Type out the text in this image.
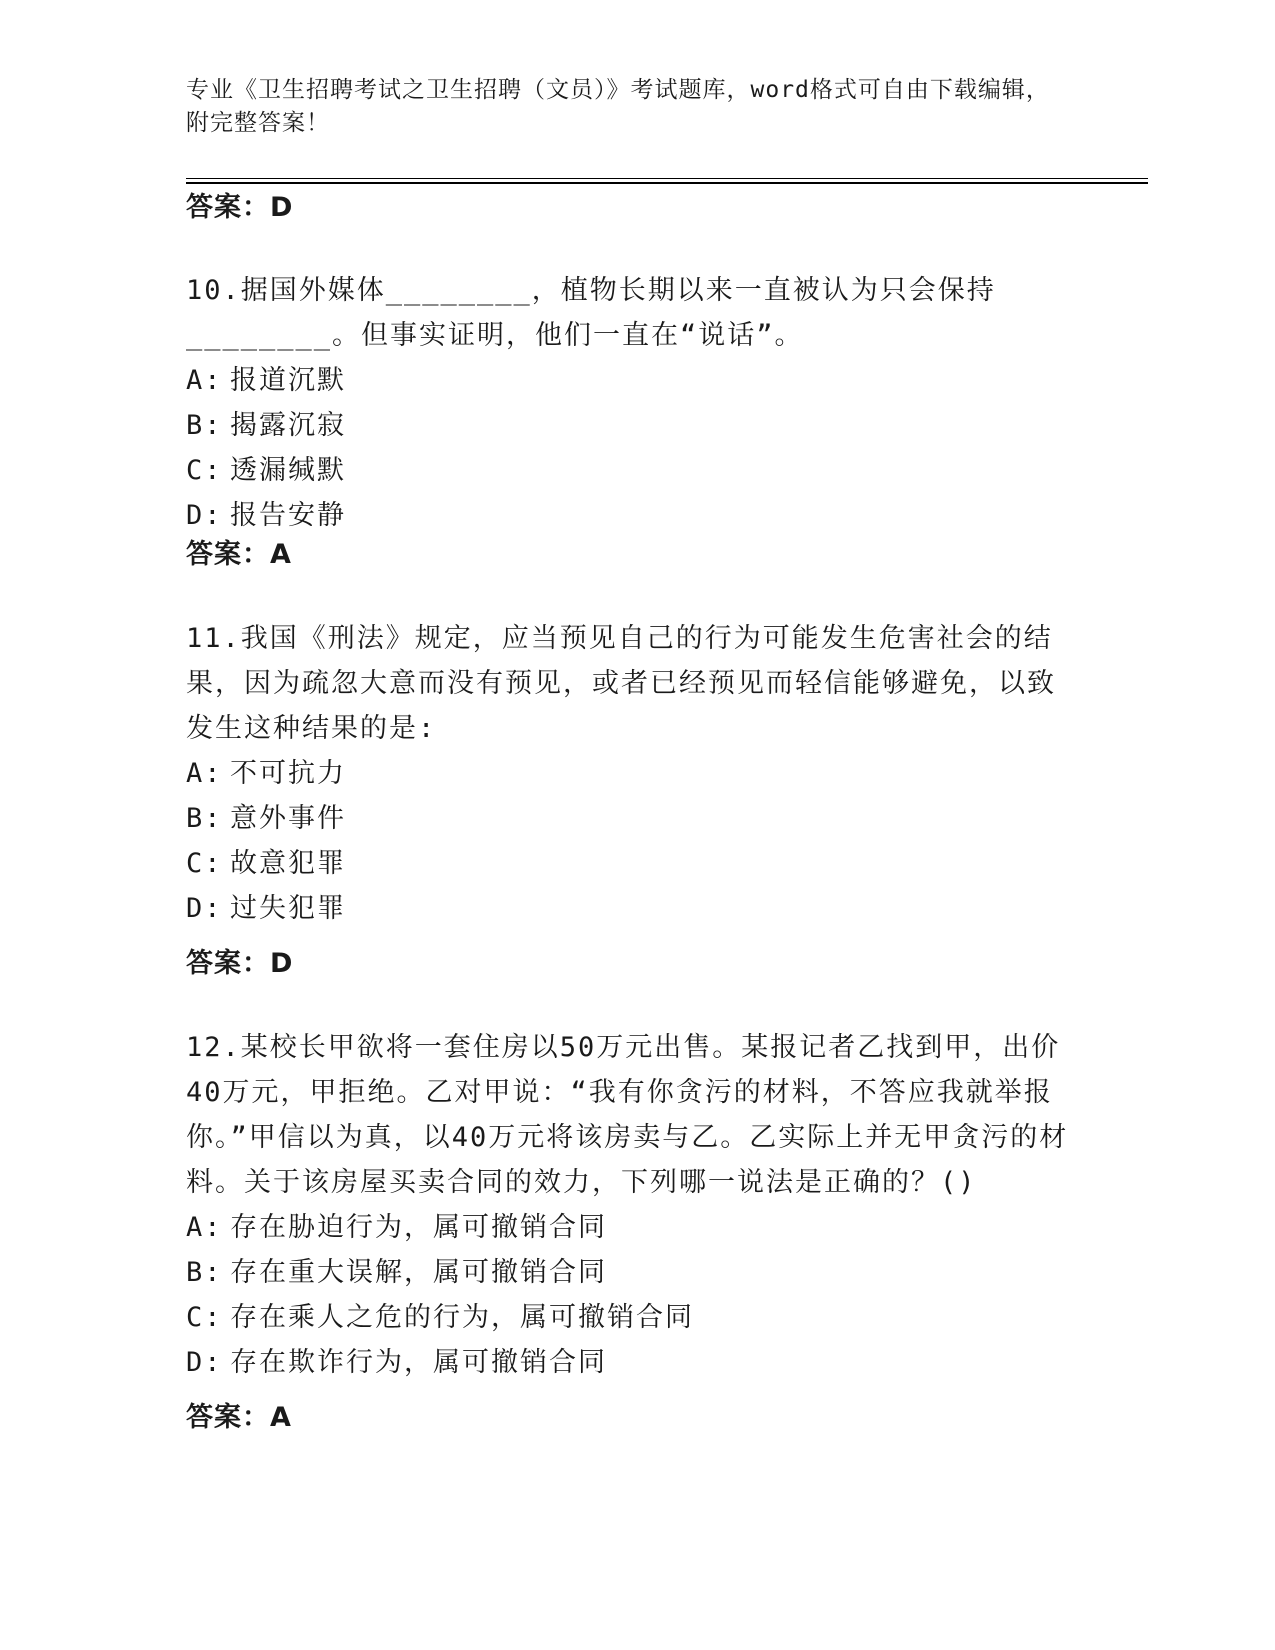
专业《卫生招聘考试之卫生招聘（文员）》考试题库，word格式可自由下载编辑，附完整答案！
答案：D

10.据国外媒体________，植物长期以来一直被认为只会保持________。但事实证明，他们一直在“说话”。

A: 报道沉默
B: 揭露沉寂
C: 透漏缄默
D: 报告安静
答案：A

11.我国《刑法》规定，应当预见自己的行为可能发生危害社会的结果，因为疏忽大意而没有预见，或者已经预见而轻信能够避免，以致发生这种结果的是:

A: 不可抗力
B: 意外事件
C: 故意犯罪
D: 过失犯罪
答案：D

12.某校长甲欲将一套住房以50万元出售。某报记者乙找到甲，出价40万元，甲拒绝。乙对甲说：“我有你贪污的材料，不答应我就举报你。”甲信以为真，以40万元将该房卖与乙。乙实际上并无甲贪污的材料。关于该房屋买卖合同的效力，下列哪一说法是正确的？()

A: 存在胁迫行为，属可撤销合同
B: 存在重大误解，属可撤销合同
C: 存在乘人之危的行为，属可撤销合同
D: 存在欺诈行为，属可撤销合同
答案：A
